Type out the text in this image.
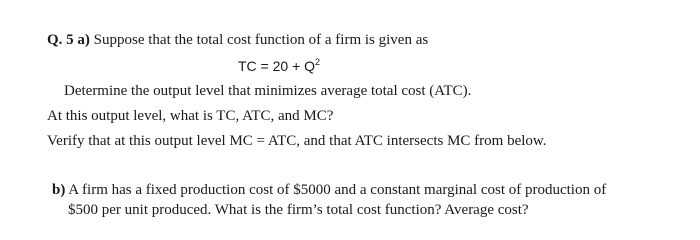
Q. 5 a) Suppose that the total cost function of a firm is given as
TC = $20 + Q^2$
Determine the output level that minimizes average total cost (ATC).
At this output level, what is TC, ATC, and MC?
Verify that at this output level MC = ATC, and that ATC intersects MC from below.
b) A firm has a fixed production cost of $5000 and a constant marginal cost of production of
$500 per unit produced. What is the firm’s total cost function? Average cost?
